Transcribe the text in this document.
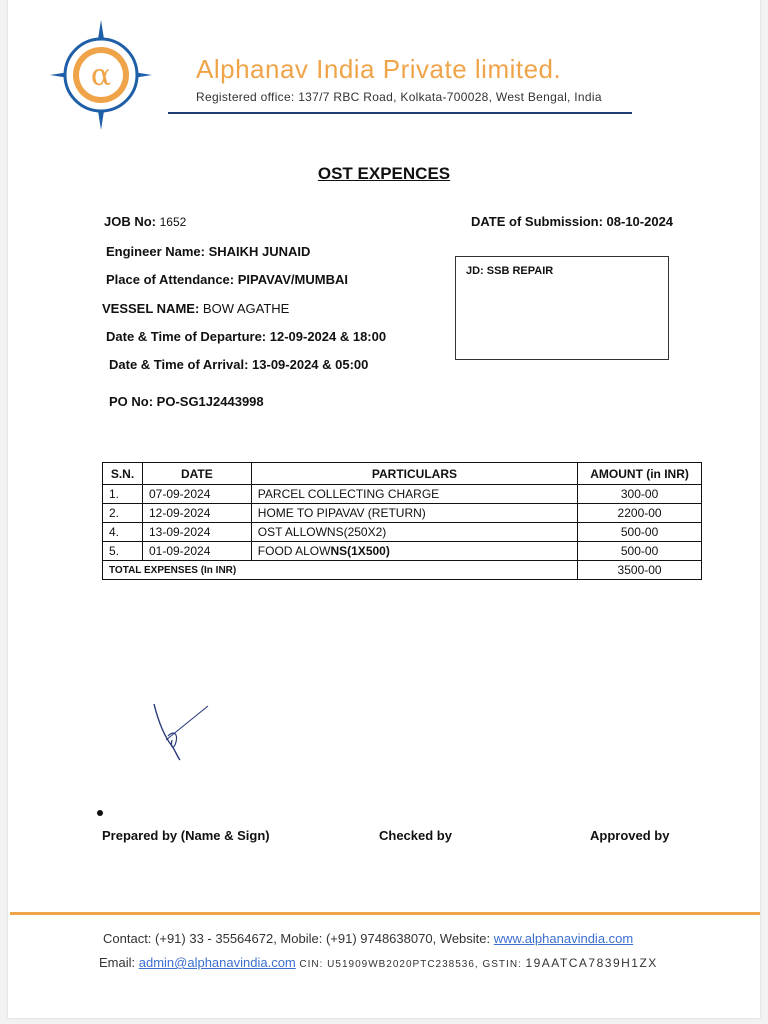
α	Alphanav India Private limited.
Registered office: 137/7 RBC Road, Kolkata-700028, West Bengal, India
OST EXPENCES
JOB No: 1652	DATE of Submission: 08-10-2024
Engineer Name: SHAIKH JUNAID
Place of Attendance: PIPAVAV/MUMBAI
VESSEL NAME: BOW AGATHE
Date & Time of Departure: 12-09-2024 & 18:00
Date & Time of Arrival: 13-09-2024 & 05:00
PO No: PO-SG1J2443998
JD: SSB REPAIR
S.N.	DATE	PARTICULARS	AMOUNT (in INR)
1.	07-09-2024	PARCEL COLLECTING CHARGE	300-00
2.	12-09-2024	HOME TO PIPAVAV (RETURN)	2200-00
4.	13-09-2024	OST ALLOWNS(250X2)	500-00
5.	01-09-2024	FOOD ALOWNS(1X500)	500-00
TOTAL EXPENSES (In INR)			3500-00
Prepared by (Name & Sign)	Checked by	Approved by
Contact: (+91) 33 - 35564672, Mobile: (+91) 9748638070, Website: www.alphanavindia.com
Email: admin@alphanavindia.com CIN: U51909WB2020PTC238536, GSTIN: 19AATCA7839H1ZX
